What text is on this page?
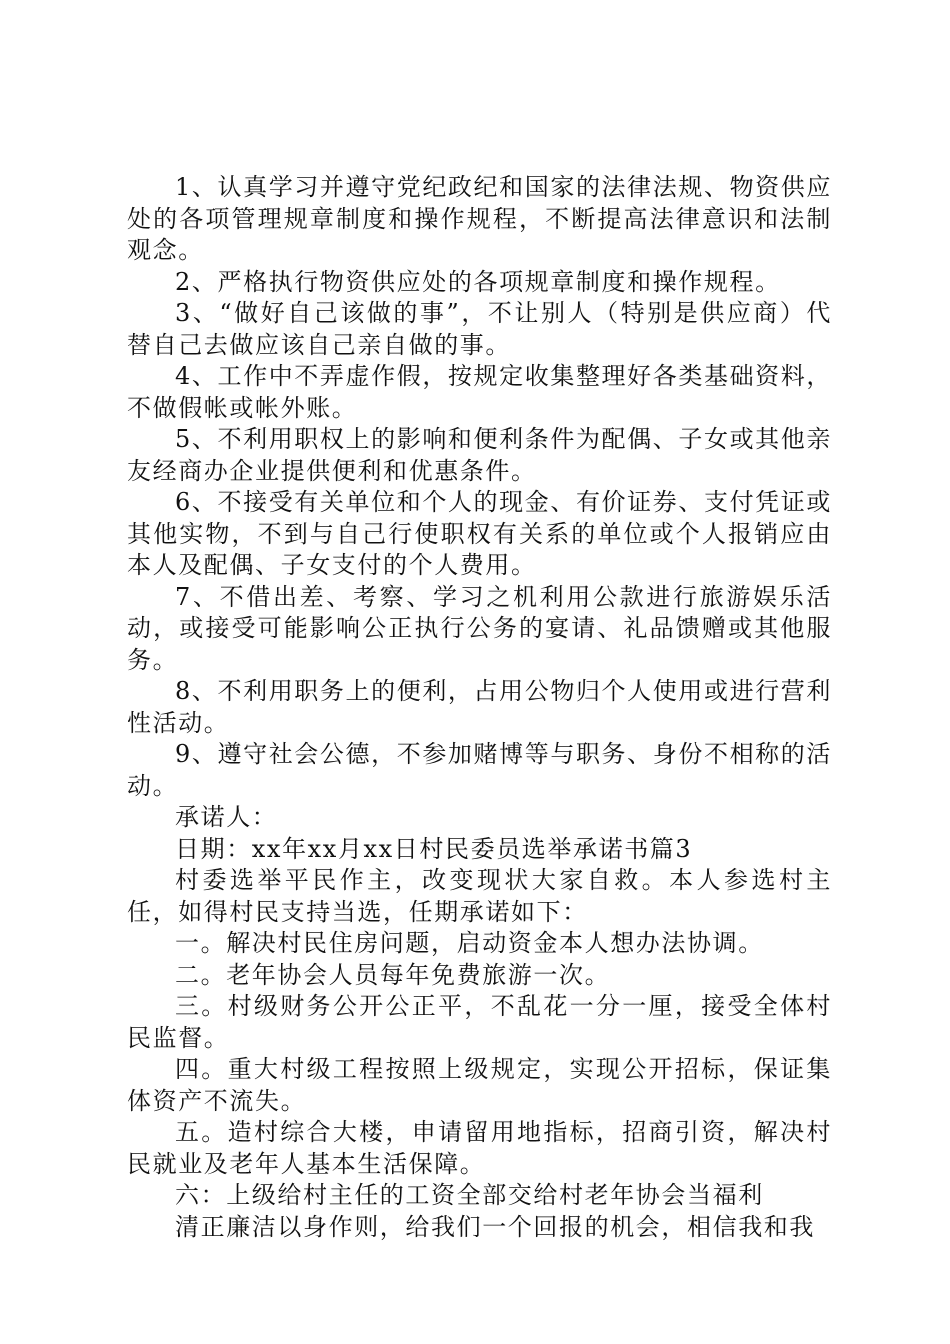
1、认真学习并遵守党纪政纪和国家的法律法规、物资供应处的各项管理规章制度和操作规程，不断提高法律意识和法制观念。

2、严格执行物资供应处的各项规章制度和操作规程。

3、“做好自己该做的事”，不让别人（特别是供应商）代替自己去做应该自己亲自做的事。

4、工作中不弄虚作假，按规定收集整理好各类基础资料，不做假帐或帐外账。

5、不利用职权上的影响和便利条件为配偶、子女或其他亲友经商办企业提供便利和优惠条件。

6、不接受有关单位和个人的现金、有价证券、支付凭证或其他实物，不到与自己行使职权有关系的单位或个人报销应由本人及配偶、子女支付的个人费用。

7、不借出差、考察、学习之机利用公款进行旅游娱乐活动，或接受可能影响公正执行公务的宴请、礼品馈赠或其他服务。

8、不利用职务上的便利，占用公物归个人使用或进行营利性活动。

9、遵守社会公德，不参加赌博等与职务、身份不相称的活动。

承诺人：

日期：xx年xx月xx日村民委员选举承诺书篇3

村委选举平民作主，改变现状大家自救。本人参选村主任，如得村民支持当选，任期承诺如下：

一。解决村民住房问题，启动资金本人想办法协调。

二。老年协会人员每年免费旅游一次。

三。村级财务公开公正平，不乱花一分一厘，接受全体村民监督。

四。重大村级工程按照上级规定，实现公开招标，保证集体资产不流失。

五。造村综合大楼，申请留用地指标，招商引资，解决村民就业及老年人基本生活保障。

六：上级给村主任的工资全部交给村老年协会当福利

清正廉洁以身作则，给我们一个回报的机会，相信我和我
